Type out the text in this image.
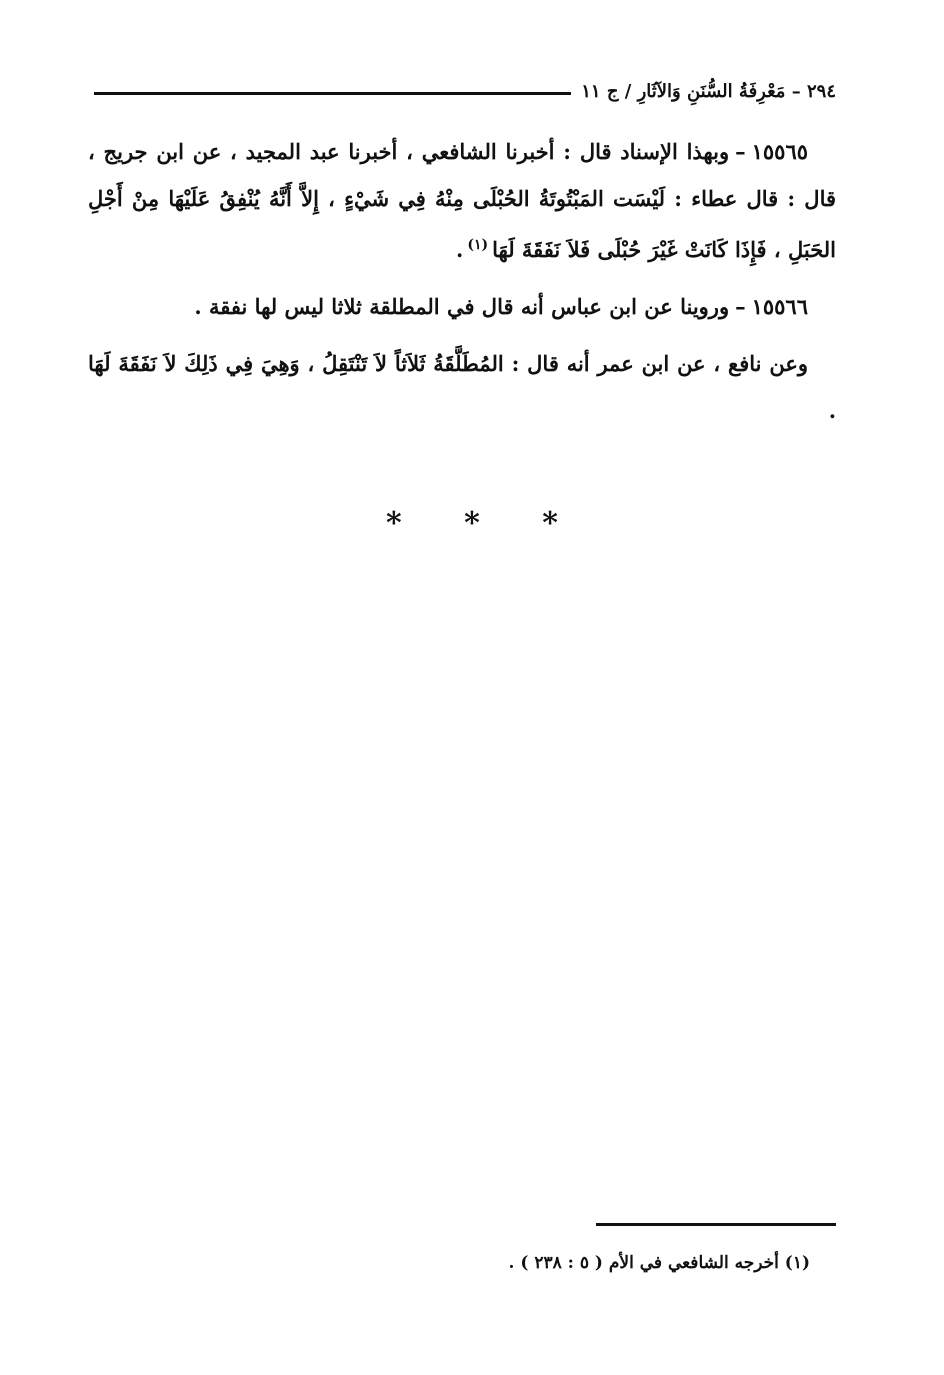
٢٩٤ – مَعْرِفَةُ السُّنَنِ وَالآثَارِ / ج ١١

١٥٥٦٥–وبهذا الإسناد قال : أخبرنا الشافعي ، أخبرنا عبد المجيد ، عن ابن جريج ، قال : قال عطاء : لَيْسَت المَبْتُوتَةُ الحُبْلَى مِنْهُ فِي شَيْءٍ ، إِلاَّ أَنَّهُ يُنْفِقُ عَلَيْهَا مِنْ أَجْلِ الحَبَلِ ، فَإِذَا كَانَتْ غَيْرَ حُبْلَى فَلاَ نَفَقَةَ لَهَا$^{(١)}$.

١٥٥٦٦–وروينا عن ابن عباس أنه قال في المطلقة ثلاثا ليس لها نفقة .

وعن نافع ، عن ابن عمر أنه قال : المُطَلَّقَةُ ثَلاَثاً لاَ تَنْتَقِلُ ، وَهِيَ فِي ذَلِكَ لاَ نَفَقَةَ لَهَا .

* * *
(١) أخرجه الشافعي في الأم ( ٥ : ٢٣٨ ) .
